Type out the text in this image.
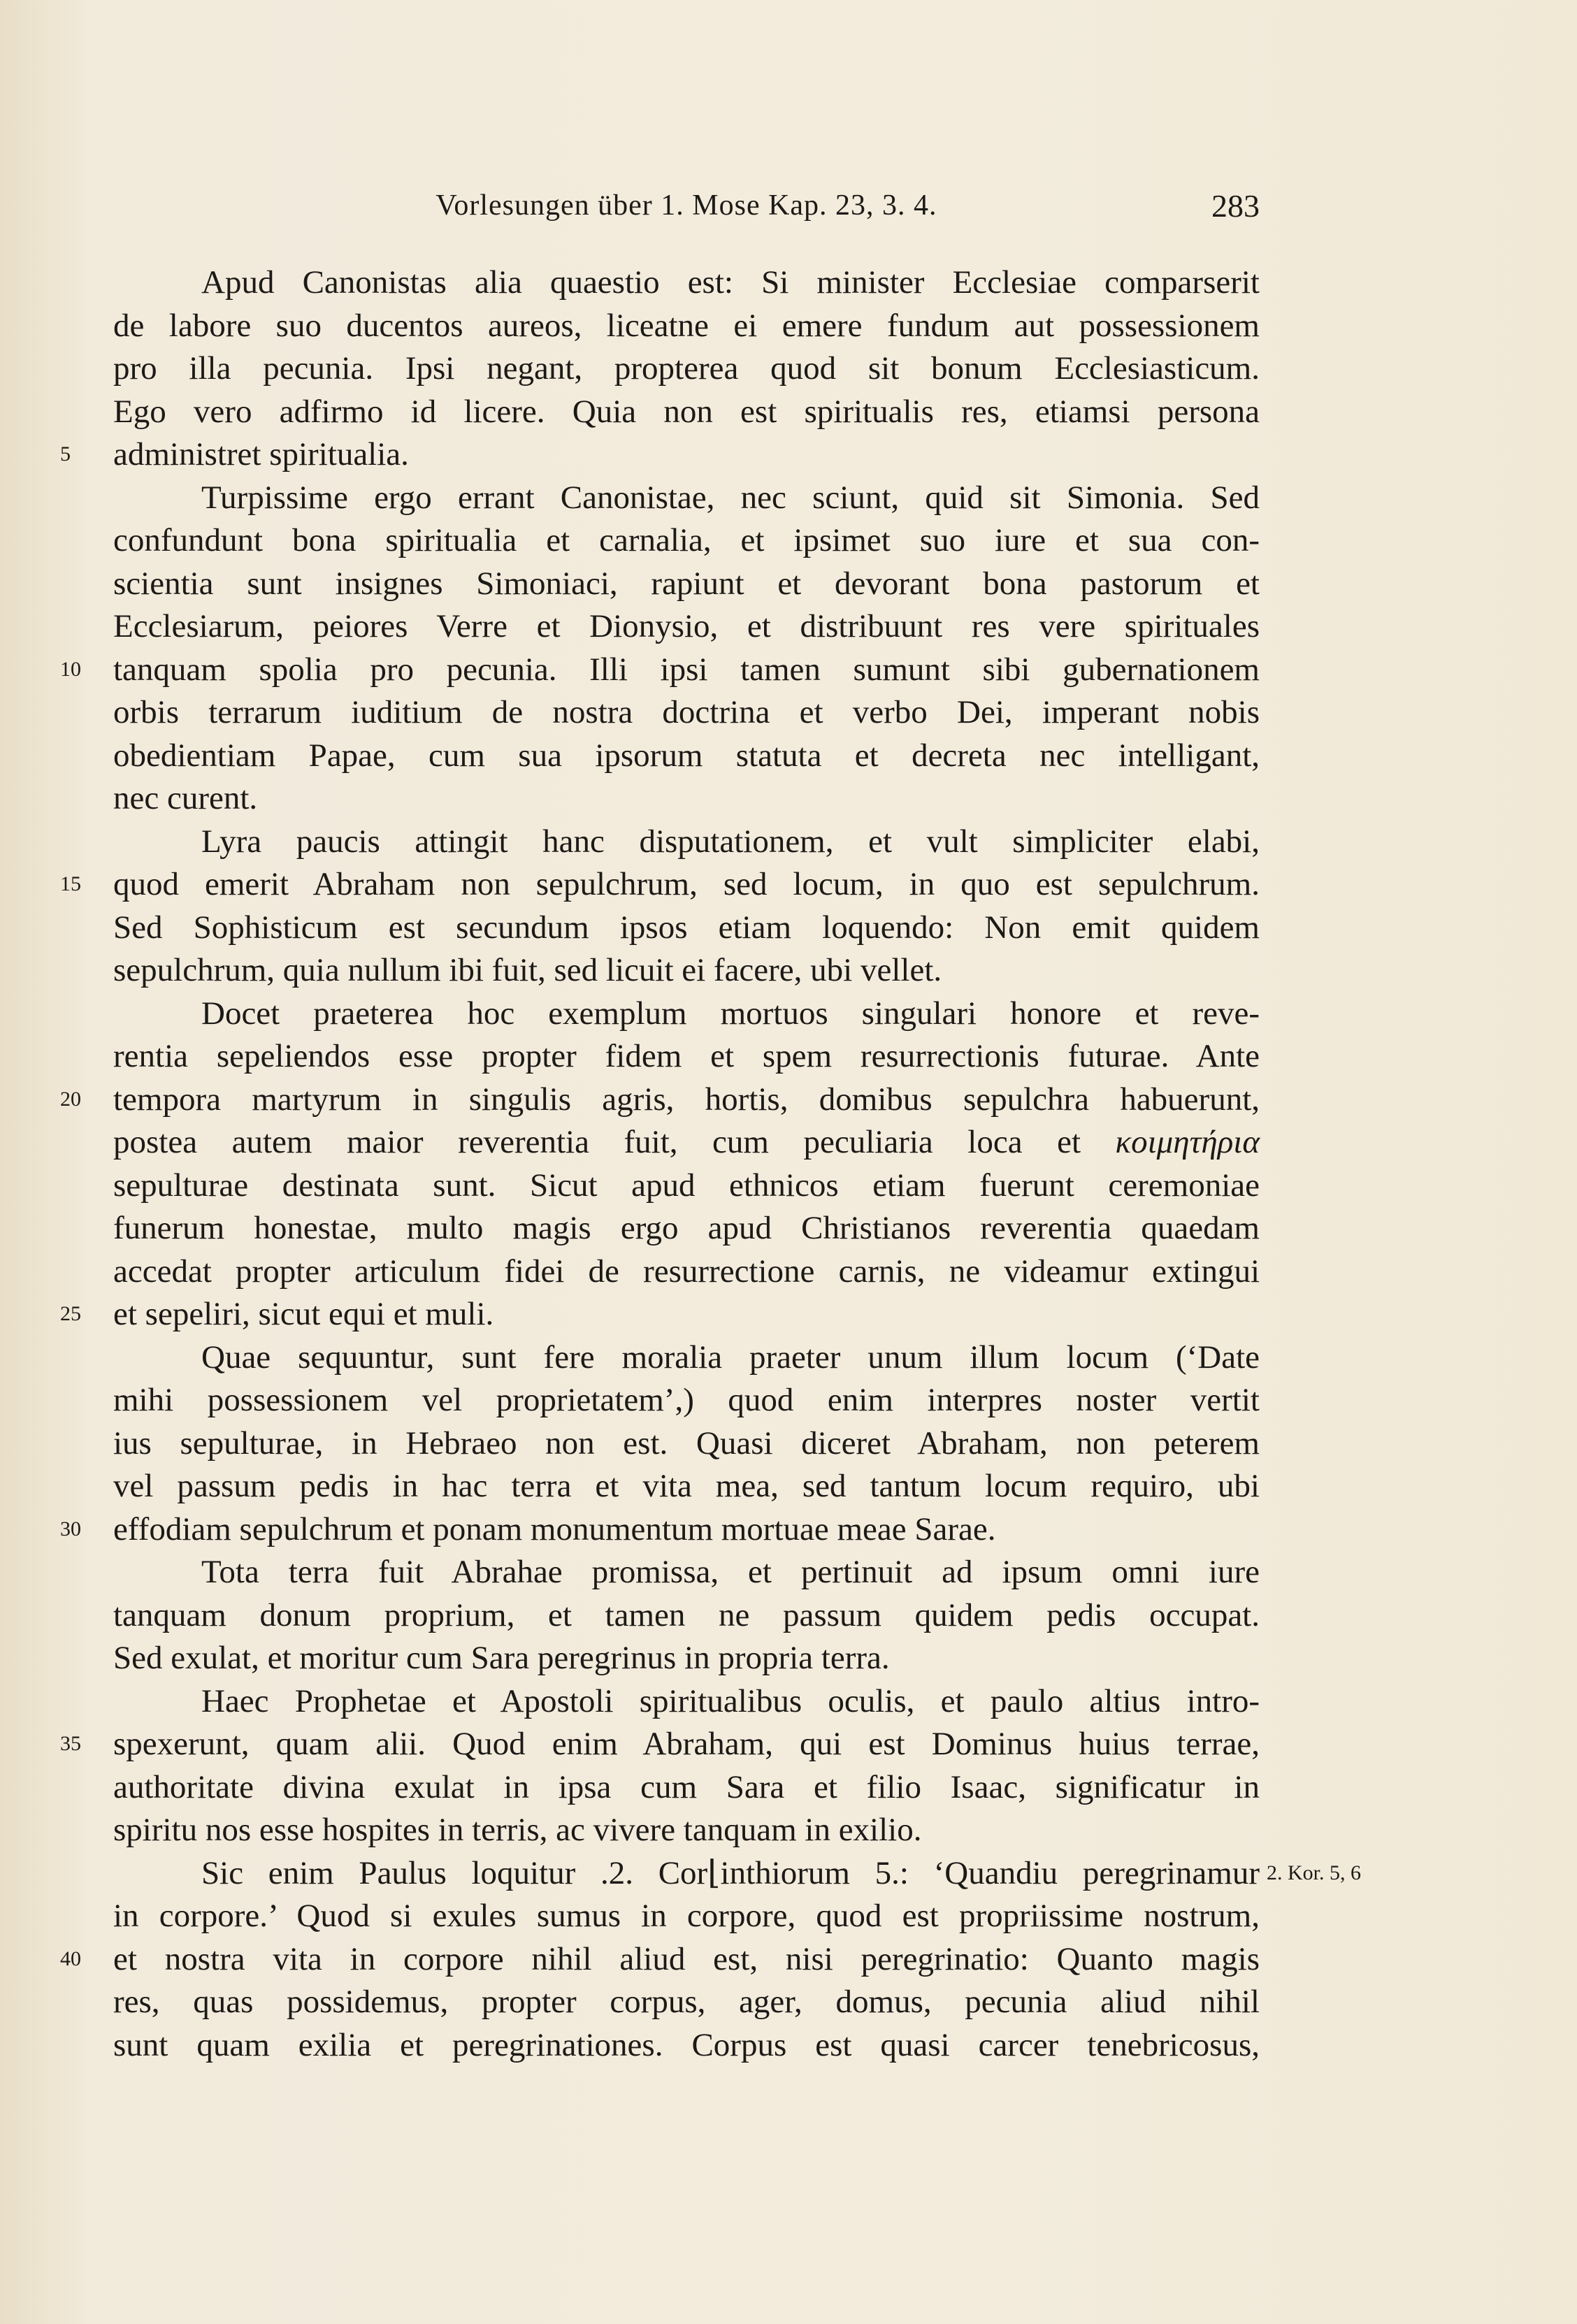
Vorlesungen über 1. Mose Kap. 23, 3. 4.	283
Apud Canonistas alia quaestio est: Si minister Ecclesiae comparserit
de labore suo ducentos aureos, liceatne ei emere fundum aut possessionem
pro illa pecunia. Ipsi negant, propterea quod sit bonum Ecclesiasticum.
Ego vero adfirmo id licere. Quia non est spiritualis res, etiamsi persona
administret spiritualia.
Turpissime ergo errant Canonistae, nec sciunt, quid sit Simonia. Sed
confundunt bona spiritualia et carnalia, et ipsimet suo iure et sua con-
scientia sunt insignes Simoniaci, rapiunt et devorant bona pastorum et
Ecclesiarum, peiores Verre et Dionysio, et distribuunt res vere spirituales
tanquam spolia pro pecunia. Illi ipsi tamen sumunt sibi gubernationem
orbis terrarum iuditium de nostra doctrina et verbo Dei, imperant nobis
obedientiam Papae, cum sua ipsorum statuta et decreta nec intelligant,
nec curent.
Lyra paucis attingit hanc disputationem, et vult simpliciter elabi,
quod emerit Abraham non sepulchrum, sed locum, in quo est sepulchrum.
Sed Sophisticum est secundum ipsos etiam loquendo: Non emit quidem
sepulchrum, quia nullum ibi fuit, sed licuit ei facere, ubi vellet.
Docet praeterea hoc exemplum mortuos singulari honore et reve-
rentia sepeliendos esse propter fidem et spem resurrectionis futurae. Ante
tempora martyrum in singulis agris, hortis, domibus sepulchra habuerunt,
postea autem maior reverentia fuit, cum peculiaria loca et κοιμητήρια
sepulturae destinata sunt. Sicut apud ethnicos etiam fuerunt ceremoniae
funerum honestae, multo magis ergo apud Christianos reverentia quaedam
accedat propter articulum fidei de resurrectione carnis, ne videamur extingui
et sepeliri, sicut equi et muli.
Quae sequuntur, sunt fere moralia praeter unum illum locum (‘Date
mihi possessionem vel proprietatem’,) quod enim interpres noster vertit
ius sepulturae, in Hebraeo non est. Quasi diceret Abraham, non peterem
vel passum pedis in hac terra et vita mea, sed tantum locum requiro, ubi
effodiam sepulchrum et ponam monumentum mortuae meae Sarae.
Tota terra fuit Abrahae promissa, et pertinuit ad ipsum omni iure
tanquam donum proprium, et tamen ne passum quidem pedis occupat.
Sed exulat, et moritur cum Sara peregrinus in propria terra.
Haec Prophetae et Apostoli spiritualibus oculis, et paulo altius intro-
spexerunt, quam alii. Quod enim Abraham, qui est Dominus huius terrae,
authoritate divina exulat in ipsa cum Sara et filio Isaac, significatur in
spiritu nos esse hospites in terris, ac vivere tanquam in exilio.
Sic enim Paulus loquitur .2. Cor⌊inthiorum 5.: ‘Quandiu peregrinamur
in corpore.’ Quod si exules sumus in corpore, quod est propriissime nostrum,
et nostra vita in corpore nihil aliud est, nisi peregrinatio: Quanto magis
res, quas possidemus, propter corpus, ager, domus, pecunia aliud nihil
sunt quam exilia et peregrinationes. Corpus est quasi carcer tenebricosus,
5
10
15
20
25
30
35
40
2. Kor. 5, 6
